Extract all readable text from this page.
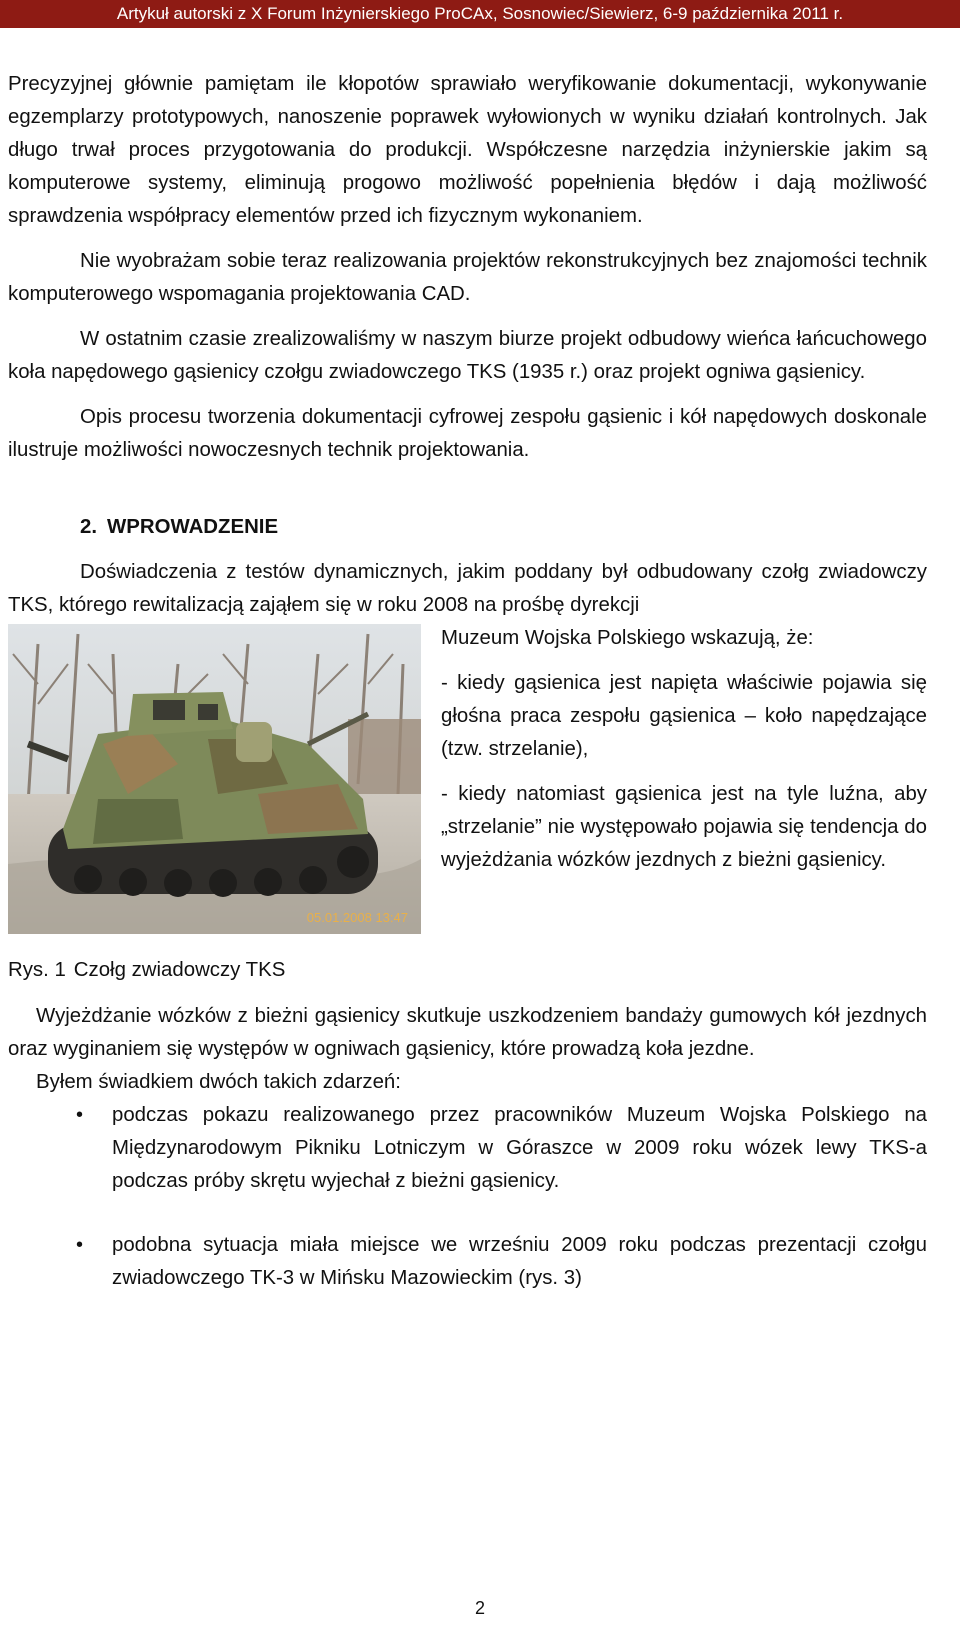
Artykuł autorski z X Forum Inżynierskiego ProCAx, Sosnowiec/Siewierz, 6-9 października 2011 r.

Precyzyjnej głównie pamiętam ile kłopotów sprawiało weryfikowanie dokumentacji, wykonywanie egzemplarzy prototypowych, nanoszenie poprawek wyłowionych w wyniku działań kontrolnych. Jak długo trwał proces przygotowania do produkcji. Współczesne narzędzia inżynierskie jakim są komputerowe systemy, eliminują progowo możliwość popełnienia błędów i dają możliwość sprawdzenia współpracy elementów przed ich fizycznym wykonaniem.

Nie wyobrażam sobie teraz realizowania projektów rekonstrukcyjnych bez znajomości technik komputerowego wspomagania projektowania CAD.

W ostatnim czasie zrealizowaliśmy w naszym biurze projekt odbudowy wieńca łańcuchowego koła napędowego gąsienicy czołgu zwiadowczego TKS (1935 r.) oraz projekt ogniwa gąsienicy.

Opis procesu tworzenia dokumentacji cyfrowej zespołu gąsienic i kół napędowych doskonale ilustruje możliwości nowoczesnych technik projektowania.

2. WPROWADZENIE

Doświadczenia z testów dynamicznych, jakim poddany był odbudowany czołg zwiadowczy TKS, którego rewitalizacją zająłem się w roku 2008 na prośbę dyrekcji

05.01.2008 13:47

Muzeum Wojska Polskiego wskazują, że:

- kiedy gąsienica jest napięta właściwie pojawia się głośna praca zespołu gąsienica – koło napędzające (tzw. strzelanie),

- kiedy natomiast gąsienica jest na tyle luźna, aby „strzelanie” nie występowało pojawia się tendencja do wyjeżdżania wózków jezdnych z bieżni gąsienicy.

Rys. 1 Czołg zwiadowczy TKS

Wyjeżdżanie wózków z bieżni gąsienicy skutkuje uszkodzeniem bandaży gumowych kół jezdnych oraz wyginaniem się występów w ogniwach gąsienicy, które prowadzą koła jezdne.

Byłem świadkiem dwóch takich zdarzeń:

• podczas pokazu realizowanego przez pracowników Muzeum Wojska Polskiego na Międzynarodowym Pikniku Lotniczym w Góraszce w 2009 roku wózek lewy TKS-a podczas próby skrętu wyjechał z bieżni gąsienicy.
• podobna sytuacja miała miejsce we wrześniu 2009 roku podczas prezentacji czołgu zwiadowczego TK-3 w Mińsku Mazowieckim (rys. 3)
2
